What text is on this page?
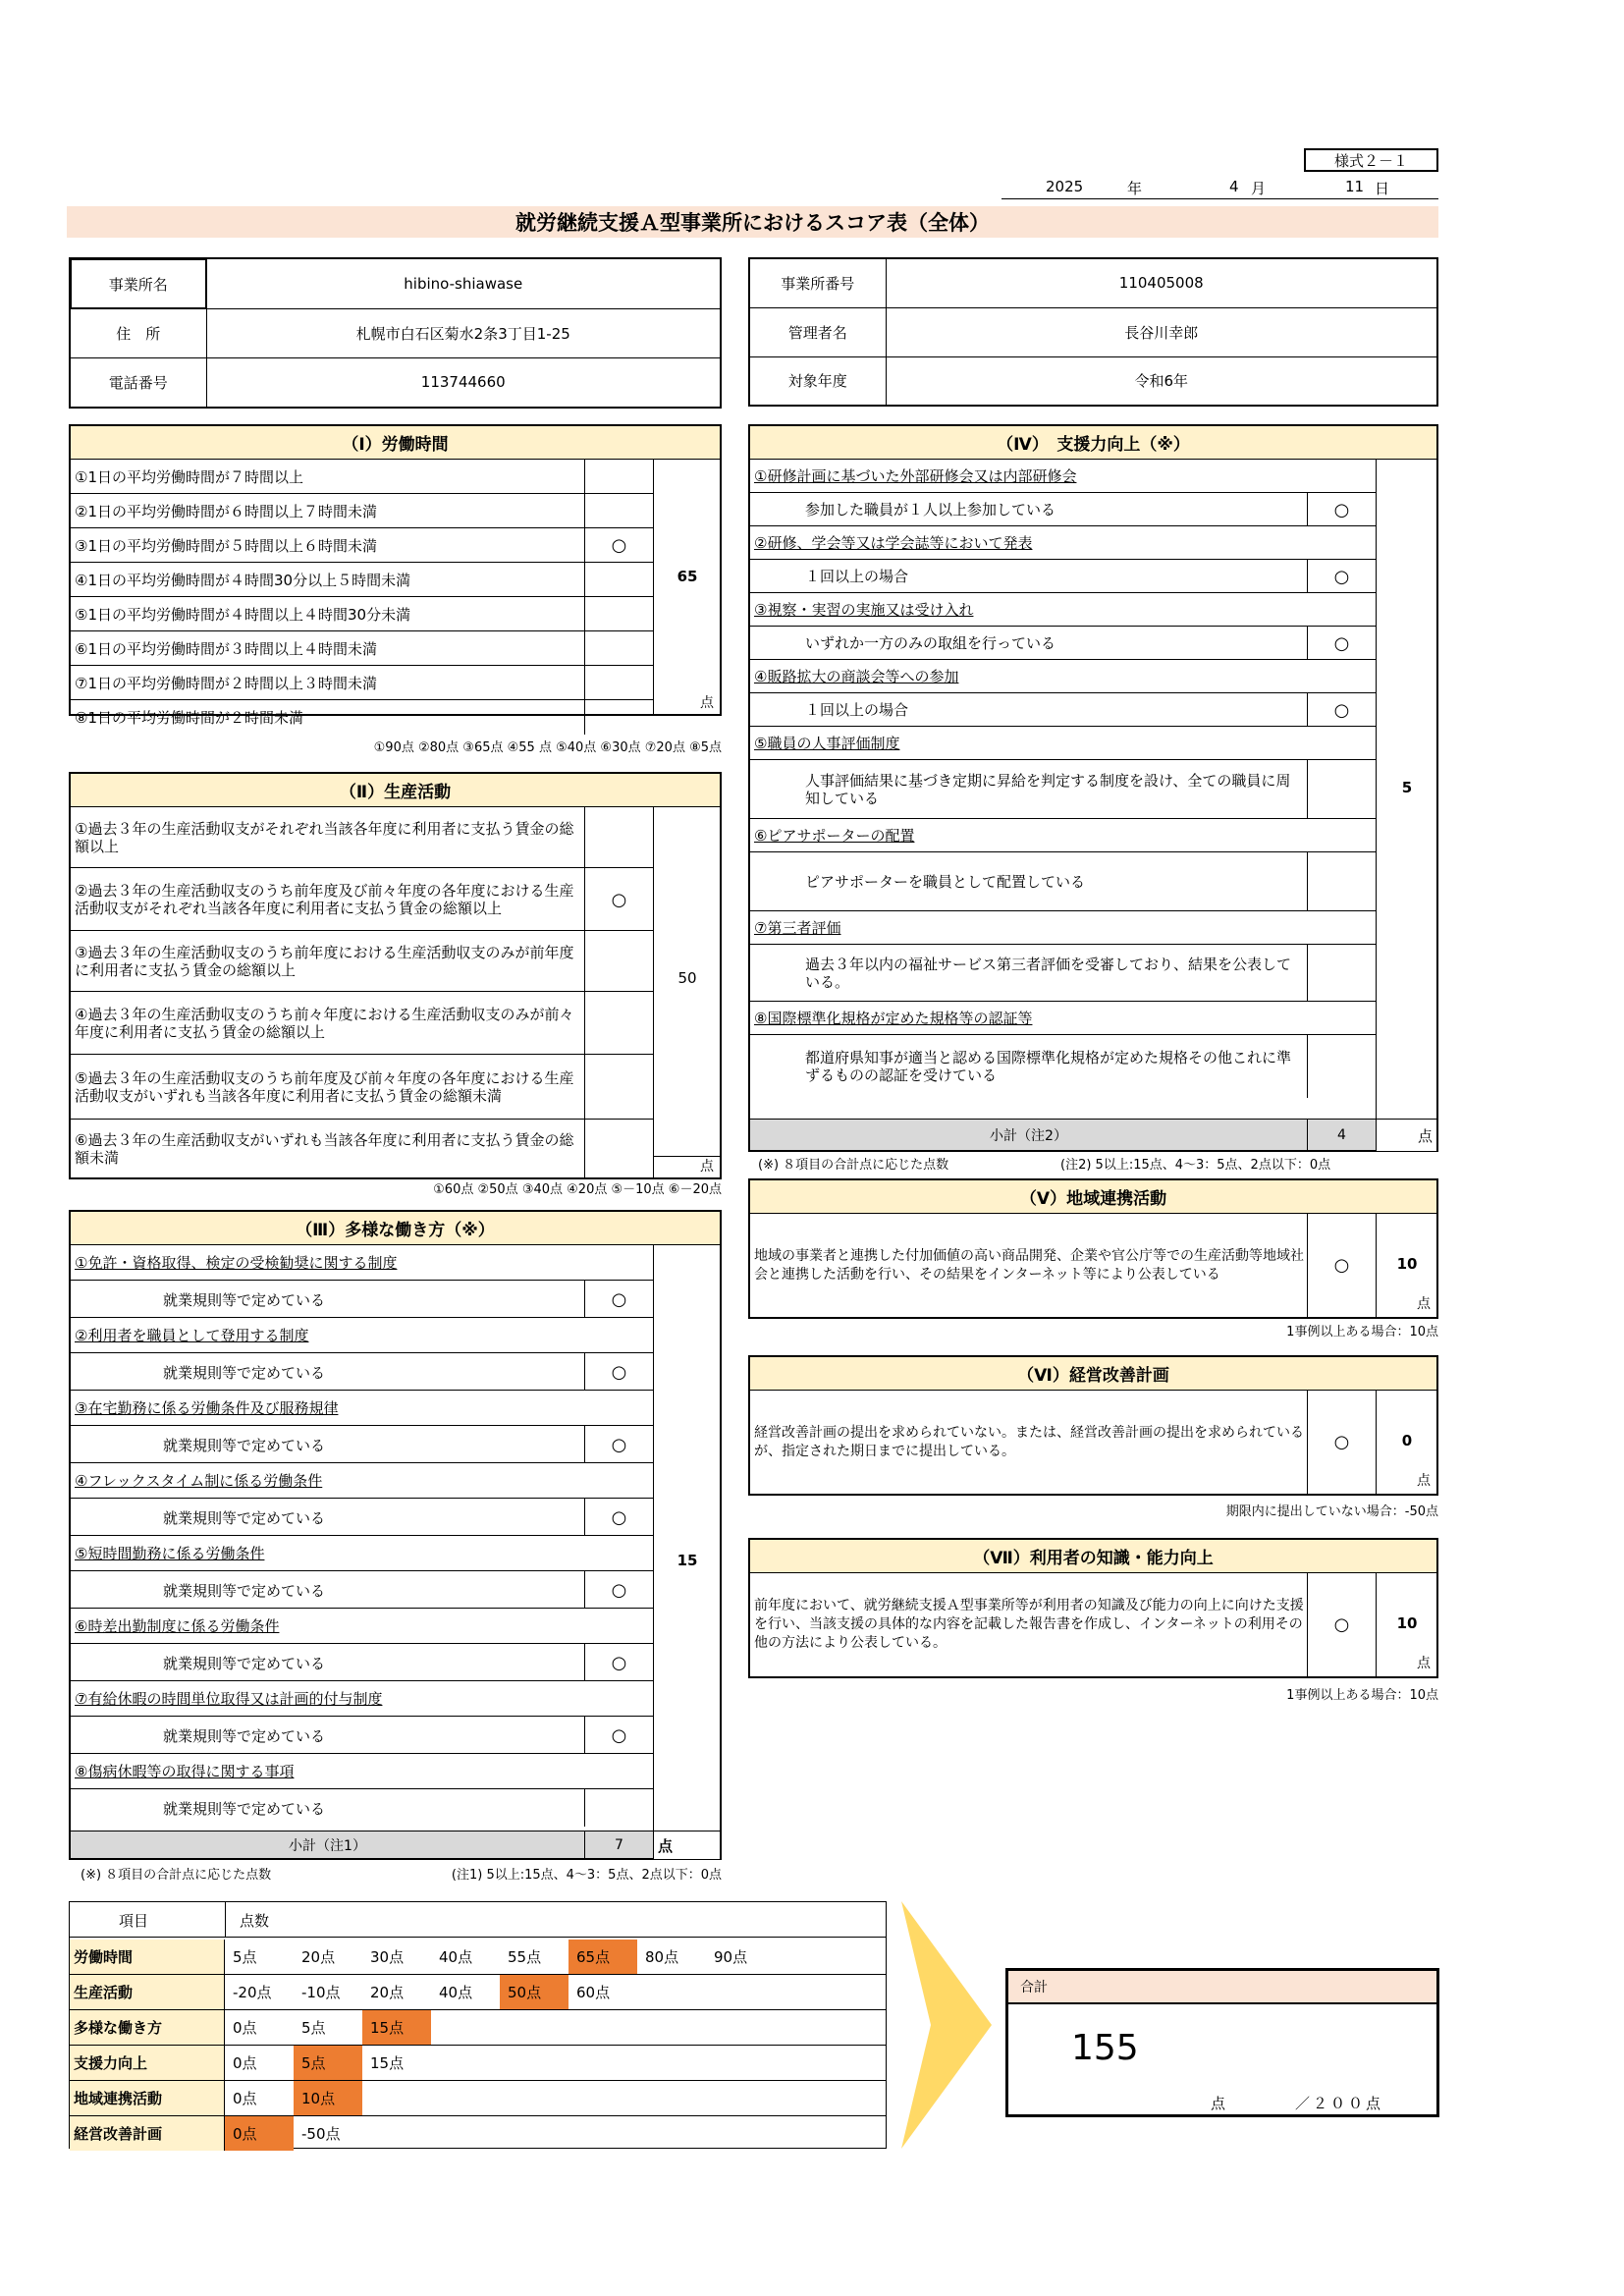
様式２－１
2025	年	4 月	11 日
就労継続支援Ａ型事業所におけるスコア表（全体）
事業所名	hibino-shiawase

住　所	札幌市白石区菊水2条3丁目1-25

電話番号	113744660
事業所番号	110405008

管理者名	長谷川幸郎

対象年度	令和6年
（Ⅰ）労働時間
①1日の平均労働時間が７時間以上
②1日の平均労働時間が６時間以上７時間未満
③1日の平均労働時間が５時間以上６時間未満	○
④1日の平均労働時間が４時間30分以上５時間未満
⑤1日の平均労働時間が４時間以上４時間30分未満
⑥1日の平均労働時間が３時間以上４時間未満
⑦1日の平均労働時間が２時間以上３時間未満
⑧1日の平均労働時間が２時間未満
65
点
①90点 ②80点 ③65点 ④55 点 ⑤40点 ⑥30点 ⑦20点 ⑧5点
（Ⅱ）生産活動
①過去３年の生産活動収支がそれぞれ当該各年度に利用者に支払う賃金の総額以上
②過去３年の生産活動収支のうち前年度及び前々年度の各年度における生産活動収支がそれぞれ当該各年度に利用者に支払う賃金の総額以上	○
③過去３年の生産活動収支のうち前年度における生産活動収支のみが前年度に利用者に支払う賃金の総額以上
④過去３年の生産活動収支のうち前々年度における生産活動収支のみが前々年度に利用者に支払う賃金の総額以上
⑤過去３年の生産活動収支のうち前年度及び前々年度の各年度における生産活動収支がいずれも当該各年度に利用者に支払う賃金の総額未満
⑥過去３年の生産活動収支がいずれも当該各年度に利用者に支払う賃金の総額未満
50
点
①60点 ②50点 ③40点 ④20点 ⑤－10点 ⑥－20点
（Ⅲ）多様な働き方（※）
①免許・資格取得、検定の受検勧奨に関する制度
就業規則等で定めている	○
②利用者を職員として登用する制度
就業規則等で定めている	○
③在宅勤務に係る労働条件及び服務規律
就業規則等で定めている	○
④フレックスタイム制に係る労働条件
就業規則等で定めている	○
⑤短時間勤務に係る労働条件
就業規則等で定めている	○
⑥時差出勤制度に係る労働条件
就業規則等で定めている	○
⑦有給休暇の時間単位取得又は計画的付与制度
就業規則等で定めている	○
⑧傷病休暇等の取得に関する事項
就業規則等で定めている
15
小計（注1）	7	点
(※) ８項目の合計点に応じた点数	(注1) 5以上:15点、4～3：5点、2点以下：0点
（Ⅳ）　支援力向上（※）
①研修計画に基づいた外部研修会又は内部研修会
参加した職員が１人以上参加している	○
②研修、学会等又は学会誌等において発表
１回以上の場合	○
③視察・実習の実施又は受け入れ
いずれか一方のみの取組を行っている	○
④販路拡大の商談会等への参加
１回以上の場合	○
⑤職員の人事評価制度
人事評価結果に基づき定期に昇給を判定する制度を設け、全ての職員に周知している
⑥ピアサポーターの配置
ピアサポーターを職員として配置している
⑦第三者評価
過去３年以内の福祉サービス第三者評価を受審しており、結果を公表している。
⑧国際標準化規格が定めた規格等の認証等
都道府県知事が適当と認める国際標準化規格が定めた規格その他これに準ずるものの認証を受けている
5
小計（注2）	4	点
(※) ８項目の合計点に応じた点数	(注2) 5以上:15点、4～3：5点、2点以下：0点
（Ⅴ）地域連携活動
地域の事業者と連携した付加価値の高い商品開発、企業や官公庁等での生産活動等地域社会と連携した活動を行い、その結果をインターネット等により公表している	○	10
点
1事例以上ある場合：10点
（Ⅵ）経営改善計画
経営改善計画の提出を求められていない。または、経営改善計画の提出を求められているが、指定された期日までに提出している。	○	0
点
期限内に提出していない場合：-50点
（Ⅶ）利用者の知識・能力向上
前年度において、就労継続支援Ａ型事業所等が利用者の知識及び能力の向上に向けた支援を行い、当該支援の具体的な内容を記載した報告書を作成し、インターネットの利用その他の方法により公表している。
○	10
点
1事例以上ある場合：10点
項目	点数
労働時間	5点	20点	30点	40点	55点	65点	80点	90点
生産活動	-20点	-10点	20点	40点	50点	60点
多様な働き方	0点	5点	15点
支援力向上	0点	5点	15点
地域連携活動	0点	10点
経営改善計画	0点	-50点
合計
155
点	／２００点
